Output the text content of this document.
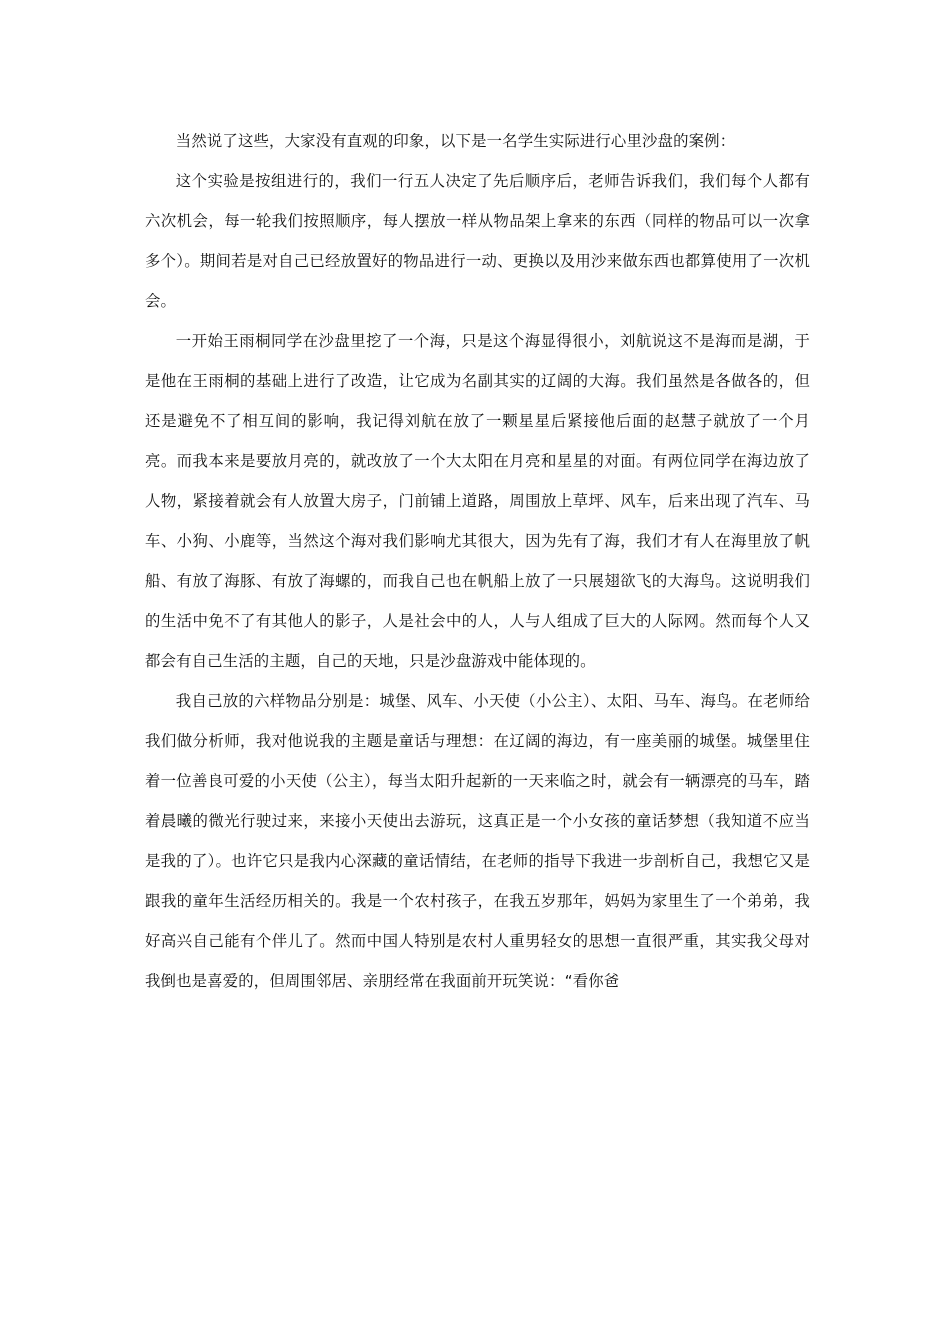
当然说了这些，大家没有直观的印象，以下是一名学生实际进行心里沙盘的案例：

这个实验是按组进行的，我们一行五人决定了先后顺序后，老师告诉我们，我们每个人都有六次机会，每一轮我们按照顺序，每人摆放一样从物品架上拿来的东西（同样的物品可以一次拿多个）。期间若是对自己已经放置好的物品进行一动、更换以及用沙来做东西也都算使用了一次机会。

一开始王雨桐同学在沙盘里挖了一个海，只是这个海显得很小，刘航说这不是海而是湖，于是他在王雨桐的基础上进行了改造，让它成为名副其实的辽阔的大海。我们虽然是各做各的，但还是避免不了相互间的影响，我记得刘航在放了一颗星星后紧接他后面的赵慧子就放了一个月亮。而我本来是要放月亮的，就改放了一个大太阳在月亮和星星的对面。有两位同学在海边放了人物，紧接着就会有人放置大房子，门前铺上道路，周围放上草坪、风车，后来出现了汽车、马车、小狗、小鹿等，当然这个海对我们影响尤其很大，因为先有了海，我们才有人在海里放了帆船、有放了海豚、有放了海螺的，而我自己也在帆船上放了一只展翅欲飞的大海鸟。这说明我们的生活中免不了有其他人的影子，人是社会中的人，人与人组成了巨大的人际网。然而每个人又都会有自己生活的主题，自己的天地，只是沙盘游戏中能体现的。

我自己放的六样物品分别是：城堡、风车、小天使（小公主）、太阳、马车、海鸟。在老师给我们做分析师，我对他说我的主题是童话与理想：在辽阔的海边，有一座美丽的城堡。城堡里住着一位善良可爱的小天使（公主），每当太阳升起新的一天来临之时，就会有一辆漂亮的马车，踏着晨曦的微光行驶过来，来接小天使出去游玩，这真正是一个小女孩的童话梦想（我知道不应当是我的了）。也许它只是我内心深藏的童话情结，在老师的指导下我进一步剖析自己，我想它又是跟我的童年生活经历相关的。我是一个农村孩子，在我五岁那年，妈妈为家里生了一个弟弟，我好高兴自己能有个伴儿了。然而中国人特别是农村人重男轻女的思想一直很严重，其实我父母对我倒也是喜爱的，但周围邻居、亲朋经常在我面前开玩笑说：“看你爸
